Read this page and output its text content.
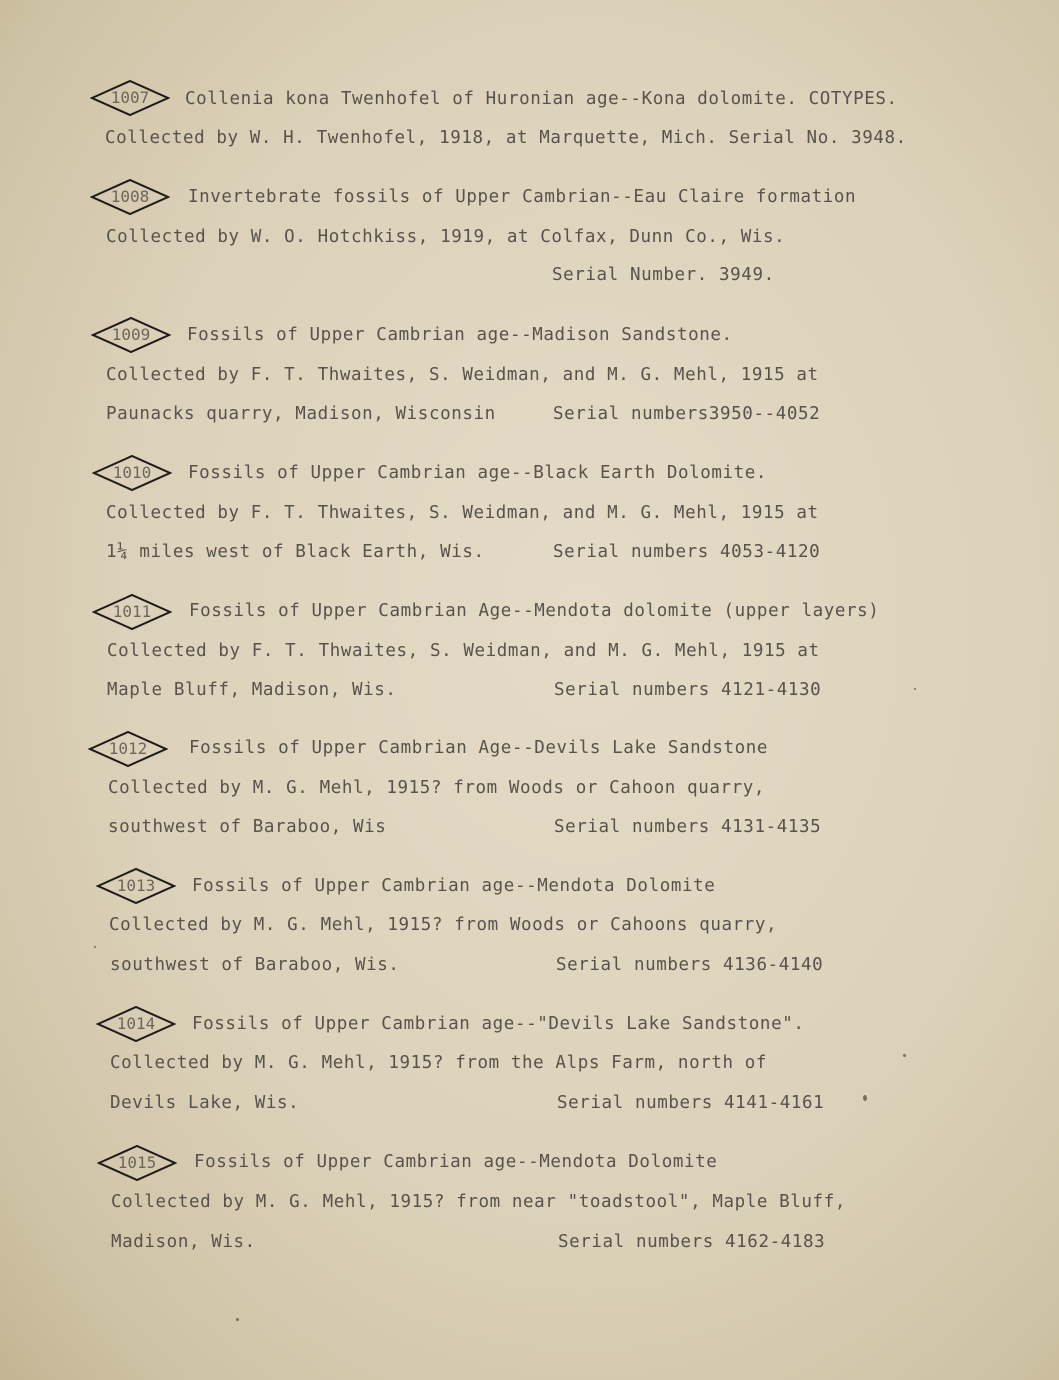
1007	Collenia kona Twenhofel of Huronian age--Kona dolomite. COTYPES.
Collected by W. H. Twenhofel, 1918, at Marquette, Mich. Serial No. 3948.
1008	Invertebrate fossils of Upper Cambrian--Eau Claire formation
Collected by W. O. Hotchkiss, 1919, at Colfax, Dunn Co., Wis.
Serial Number. 3949.
1009	Fossils of Upper Cambrian age--Madison Sandstone.
Collected by F. T. Thwaites, S. Weidman, and M. G. Mehl, 1915 at
Paunacks quarry, Madison, Wisconsin	Serial numbers3950--4052
1010	Fossils of Upper Cambrian age--Black Earth Dolomite.
Collected by F. T. Thwaites, S. Weidman, and M. G. Mehl, 1915 at
1¼ miles west of Black Earth, Wis.	Serial numbers 4053-4120
1011	Fossils of Upper Cambrian Age--Mendota dolomite (upper layers)
Collected by F. T. Thwaites, S. Weidman, and M. G. Mehl, 1915 at
Maple Bluff, Madison, Wis.	Serial numbers 4121-4130
1012	Fossils of Upper Cambrian Age--Devils Lake Sandstone
Collected by M. G. Mehl, 1915? from Woods or Cahoon quarry,
southwest of Baraboo, Wis	Serial numbers 4131-4135
1013	Fossils of Upper Cambrian age--Mendota Dolomite
Collected by M. G. Mehl, 1915? from Woods or Cahoons quarry,
southwest of Baraboo, Wis.	Serial numbers 4136-4140
1014	Fossils of Upper Cambrian age--"Devils Lake Sandstone".
Collected by M. G. Mehl, 1915? from the Alps Farm, north of
Devils Lake, Wis.	Serial numbers 4141-4161
1015	Fossils of Upper Cambrian age--Mendota Dolomite
Collected by M. G. Mehl, 1915? from near "toadstool", Maple Bluff,
Madison, Wis.	Serial numbers 4162-4183
